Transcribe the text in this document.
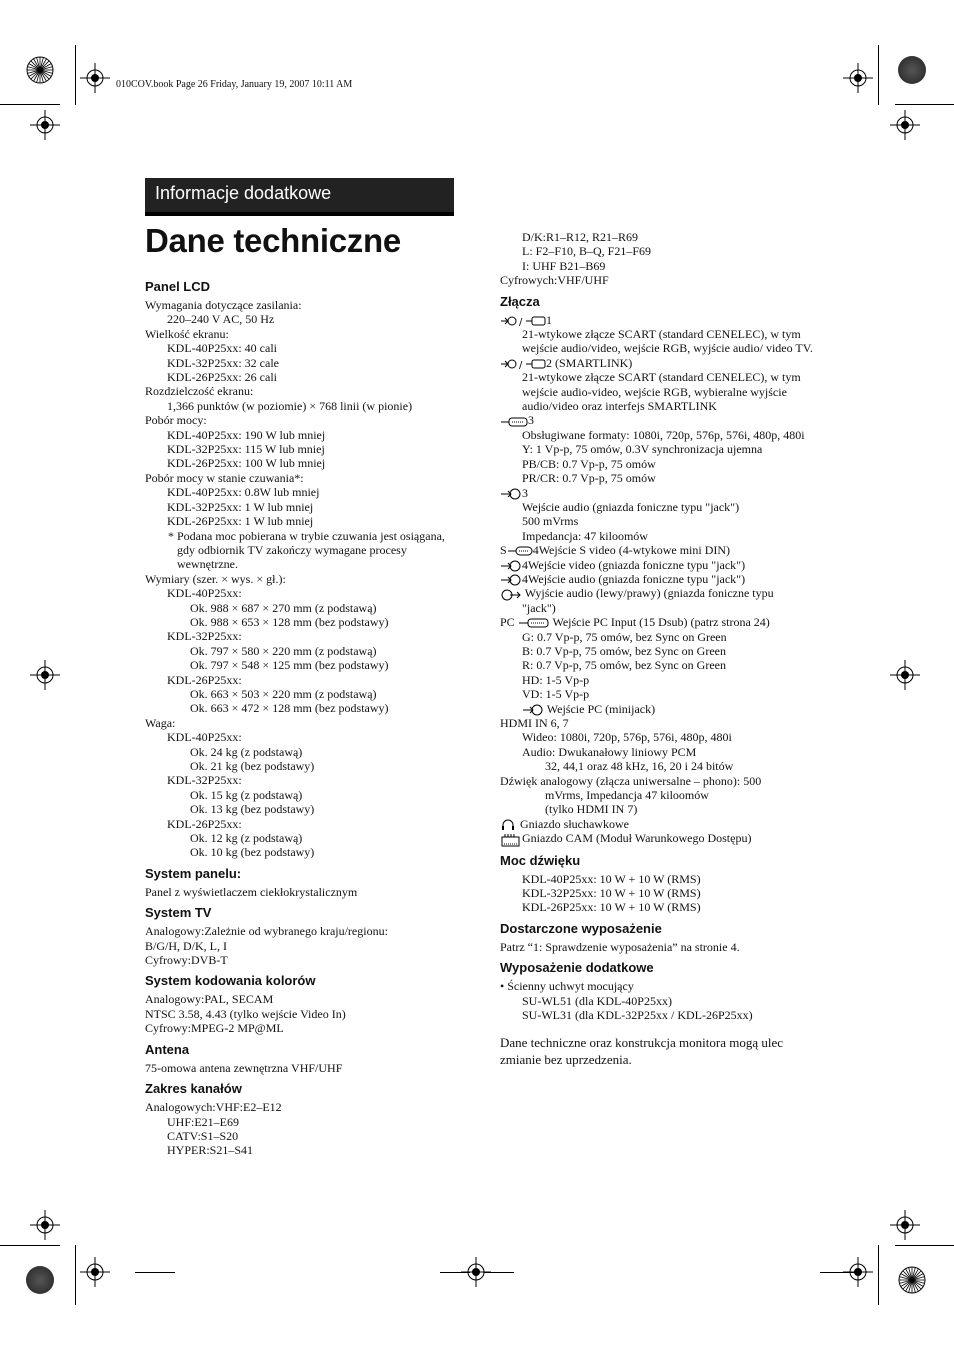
010COV.book Page 26 Friday, January 19, 2007 10:11 AM
Informacje dodatkowe
Dane techniczne
Panel LCD
Wymagania dotyczące zasilania:
220–240 V AC, 50 Hz
Wielkość ekranu:
KDL-40P25xx: 40 cali
KDL-32P25xx: 32 cale
KDL-26P25xx: 26 cali
Rozdzielczość ekranu:
1,366 punktów (w poziomie) × 768 linii (w pionie)
Pobór mocy:
KDL-40P25xx: 190 W lub mniej
KDL-32P25xx: 115 W lub mniej
KDL-26P25xx: 100 W lub mniej
Pobór mocy w stanie czuwania*:
KDL-40P25xx: 0.8W lub mniej
KDL-32P25xx: 1 W lub mniej
KDL-26P25xx: 1 W lub mniej
* Podana moc pobierana w trybie czuwania jest osiągana, gdy odbiornik TV zakończy wymagane procesy wewnętrzne.
Wymiary (szer. × wys. × gł.):
KDL-40P25xx:
Ok. 988 × 687 × 270 mm (z podstawą)
Ok. 988 × 653 × 128 mm (bez podstawy)
KDL-32P25xx:
Ok. 797 × 580 × 220 mm (z podstawą)
Ok. 797 × 548 × 125 mm (bez podstawy)
KDL-26P25xx:
Ok. 663 × 503 × 220 mm (z podstawą)
Ok. 663 × 472 × 128 mm (bez podstawy)
Waga:
KDL-40P25xx:
Ok. 24 kg (z podstawą)
Ok. 21 kg (bez podstawy)
KDL-32P25xx:
Ok. 15 kg (z podstawą)
Ok. 13 kg (bez podstawy)
KDL-26P25xx:
Ok. 12 kg (z podstawą)
Ok. 10 kg (bez podstawy)
System panelu:
Panel z wyświetlaczem ciekłokrystalicznym
System TV
Analogowy:Zależnie od wybranego kraju/regionu:
B/G/H, D/K, L, I
Cyfrowy:DVB-T
System kodowania kolorów
Analogowy:PAL, SECAM
NTSC 3.58, 4.43 (tylko wejście Video In)
Cyfrowy:MPEG-2 MP@ML
Antena
75-omowa antena zewnętrzna VHF/UHF
Zakres kanałów
Analogowych:VHF:E2–E12
UHF:E21–E69
CATV:S1–S20
HYPER:S21–S41
D/K:R1–R12, R21–R69
L: F2–F10, B–Q, F21–F69
I: UHF B21–B69
Cyfrowych:VHF/UHF
Złącza
/ 1
21-wtykowe złącze SCART (standard CENELEC), w tym wejście audio/video, wejście RGB, wyjście audio/ video TV.
/ 2 (SMARTLINK)
21-wtykowe złącze SCART (standard CENELEC), w tym wejście audio-video, wejście RGB, wybieralne wyjście audio/video oraz interfejs SMARTLINK
3
Obsługiwane formaty: 1080i, 720p, 576p, 576i, 480p, 480i
Y: 1 Vp-p, 75 omów, 0.3V synchronizacja ujemna
PB/CB: 0.7 Vp-p, 75 omów
PR/CR: 0.7 Vp-p, 75 omów
3
Wejście audio (gniazda foniczne typu "jack")
500 mVrms
Impedancja: 47 kiloomów
S 4Wejście S video (4-wtykowe mini DIN)
4Wejście video (gniazda foniczne typu "jack")
4Wejście audio (gniazda foniczne typu "jack")
Wyjście audio (lewy/prawy) (gniazda foniczne typu
"jack")
PC	Wejście PC Input (15 Dsub) (patrz strona 24)
G: 0.7 Vp-p, 75 omów, bez Sync on Green
B: 0.7 Vp-p, 75 omów, bez Sync on Green
R: 0.7 Vp-p, 75 omów, bez Sync on Green
HD: 1-5 Vp-p
VD: 1-5 Vp-p
Wejście PC (minijack)
HDMI IN 6, 7
Wideo: 1080i, 720p, 576p, 576i, 480p, 480i
Audio: Dwukanałowy liniowy PCM
32, 44,1 oraz 48 kHz, 16, 20 i 24 bitów
Dźwięk analogowy (złącza uniwersalne – phono): 500
mVrms, Impedancja 47 kiloomów
(tylko HDMI IN 7)
Gniazdo słuchawkowe
Gniazdo CAM (Moduł Warunkowego Dostępu)
Moc dźwięku
KDL-40P25xx: 10 W + 10 W (RMS)
KDL-32P25xx: 10 W + 10 W (RMS)
KDL-26P25xx: 10 W + 10 W (RMS)
Dostarczone wyposażenie
Patrz “1: Sprawdzenie wyposażenia” na stronie 4.
Wyposażenie dodatkowe
• Ścienny uchwyt mocujący
SU-WL51 (dla KDL-40P25xx)
SU-WL31 (dla KDL-32P25xx / KDL-26P25xx)
Dane techniczne oraz konstrukcja monitora mogą ulec zmianie bez uprzedzenia.
